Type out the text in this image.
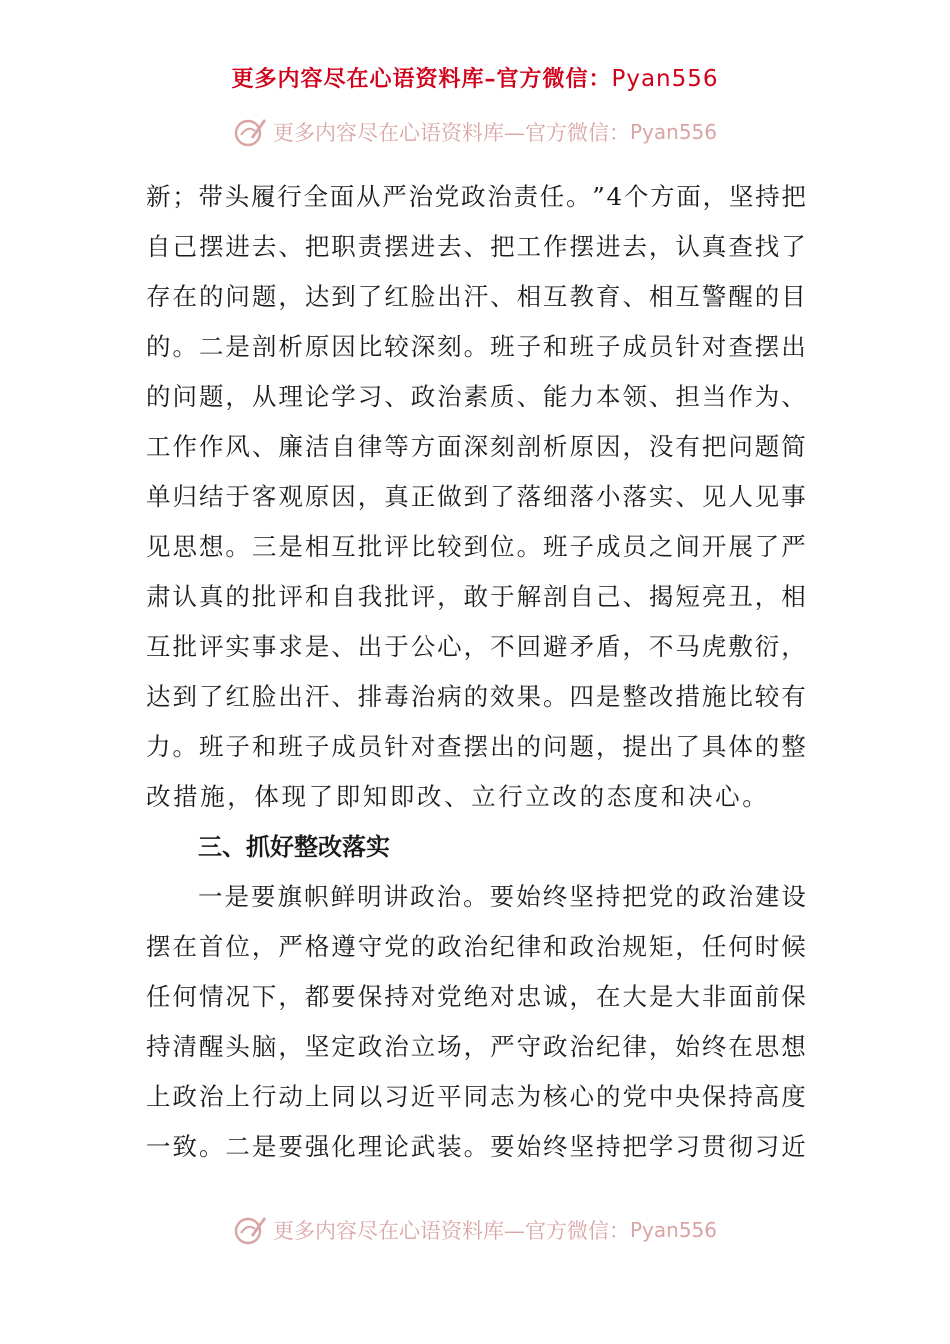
更多内容尽在心语资料库–官方微信：Pyan556
更多内容尽在心语资料库—官方微信： Pyan556
新 ； 带 头 履 行 全 面 从 严 治 党 政 治 责 任 。 ” 4 个 方 面 ， 坚 持 把
自 己 摆 进 去 、 把 职 责 摆 进 去 、 把 工 作 摆 进 去 ， 认 真 查 找 了
存 在 的 问 题 ， 达 到 了 红 脸 出 汗 、 相 互 教 育 、 相 互 警 醒 的 目
的 。 二 是 剖 析 原 因 比 较 深 刻 。 班 子 和 班 子 成 员 针 对 查 摆 出
的 问 题 ， 从 理 论 学 习 、 政 治 素 质 、 能 力 本 领 、 担 当 作 为 、
工 作 作 风 、 廉 洁 自 律 等 方 面 深 刻 剖 析 原 因 ， 没 有 把 问 题 简
单 归 结 于 客 观 原 因 ， 真 正 做 到 了 落 细 落 小 落 实 、 见 人 见 事
见 思 想 。 三 是 相 互 批 评 比 较 到 位 。 班 子 成 员 之 间 开 展 了 严
肃 认 真 的 批 评 和 自 我 批 评 ， 敢 于 解 剖 自 己 、 揭 短 亮 丑 ， 相
互 批 评 实 事 求 是 、 出 于 公 心 ， 不 回 避 矛 盾 ， 不 马 虎 敷 衍 ，
达 到 了 红 脸 出 汗 、 排 毒 治 病 的 效 果 。 四 是 整 改 措 施 比 较 有
力 。 班 子 和 班 子 成 员 针 对 查 摆 出 的 问 题 ， 提 出 了 具 体 的 整
改措施，体现了即知即改、立行立改的态度和决心。
三、抓好整改落实
一 是 要 旗 帜 鲜 明 讲 政 治 。 要 始 终 坚 持 把 党 的 政 治 建 设
摆 在 首 位 ， 严 格 遵 守 党 的 政 治 纪 律 和 政 治 规 矩 ， 任 何 时 候
任 何 情 况 下 ， 都 要 保 持 对 党 绝 对 忠 诚 ， 在 大 是 大 非 面 前 保
持 清 醒 头 脑 ， 坚 定 政 治 立 场 ， 严 守 政 治 纪 律 ， 始 终 在 思 想
上 政 治 上 行 动 上 同 以 习 近 平 同 志 为 核 心 的 党 中 央 保 持 高 度
一 致 。 二 是 要 强 化 理 论 武 装 。 要 始 终 坚 持 把 学 习 贯 彻 习 近
更多内容尽在心语资料库—官方微信： Pyan556
